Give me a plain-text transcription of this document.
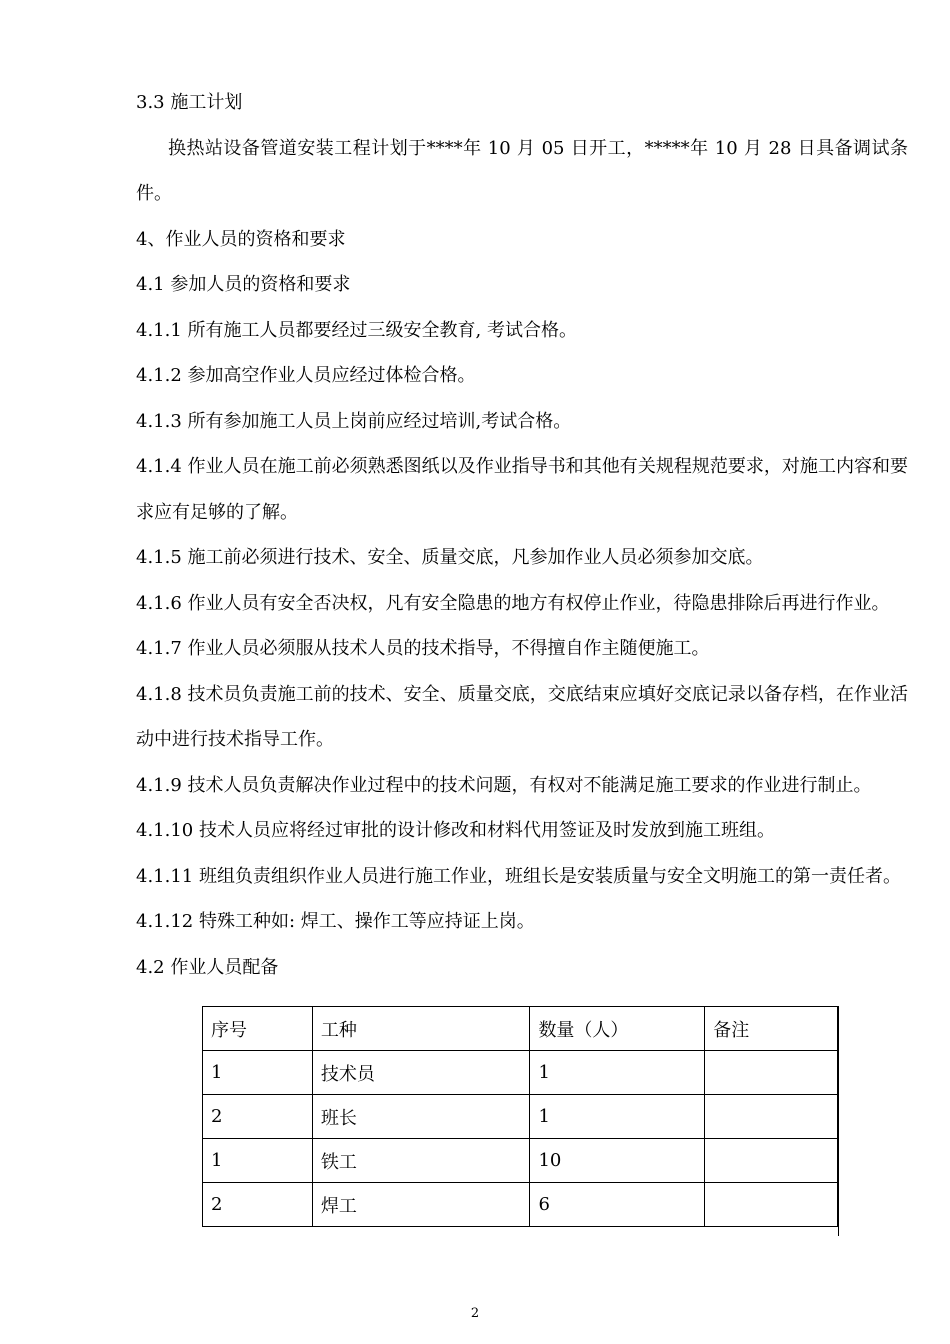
3.3 施工计划

换热站设备管道安装工程计划于****年 10 月 05 日开工，*****年 10 月 28 日具备调试条件。

4、作业人员的资格和要求

4.1 参加人员的资格和要求

4.1.1 所有施工人员都要经过三级安全教育, 考试合格。

4.1.2 参加高空作业人员应经过体检合格。

4.1.3 所有参加施工人员上岗前应经过培训,考试合格。

4.1.4 作业人员在施工前必须熟悉图纸以及作业指导书和其他有关规程规范要求，对施工内容和要求应有足够的了解。

4.1.5 施工前必须进行技术、安全、质量交底，凡参加作业人员必须参加交底。

4.1.6 作业人员有安全否决权，凡有安全隐患的地方有权停止作业，待隐患排除后再进行作业。

4.1.7 作业人员必须服从技术人员的技术指导，不得擅自作主随便施工。

4.1.8 技术员负责施工前的技术、安全、质量交底，交底结束应填好交底记录以备存档，在作业活动中进行技术指导工作。

4.1.9 技术人员负责解决作业过程中的技术问题，有权对不能满足施工要求的作业进行制止。

4.1.10 技术人员应将经过审批的设计修改和材料代用签证及时发放到施工班组。

4.1.11 班组负责组织作业人员进行施工作业，班组长是安装质量与安全文明施工的第一责任者。

4.1.12 特殊工种如: 焊工、操作工等应持证上岗。

4.2 作业人员配备

序号	工种	数量（人）	备注
1	技术员	1	
2	班长	1	
1	铁工	10	
2	焊工	6	
2
